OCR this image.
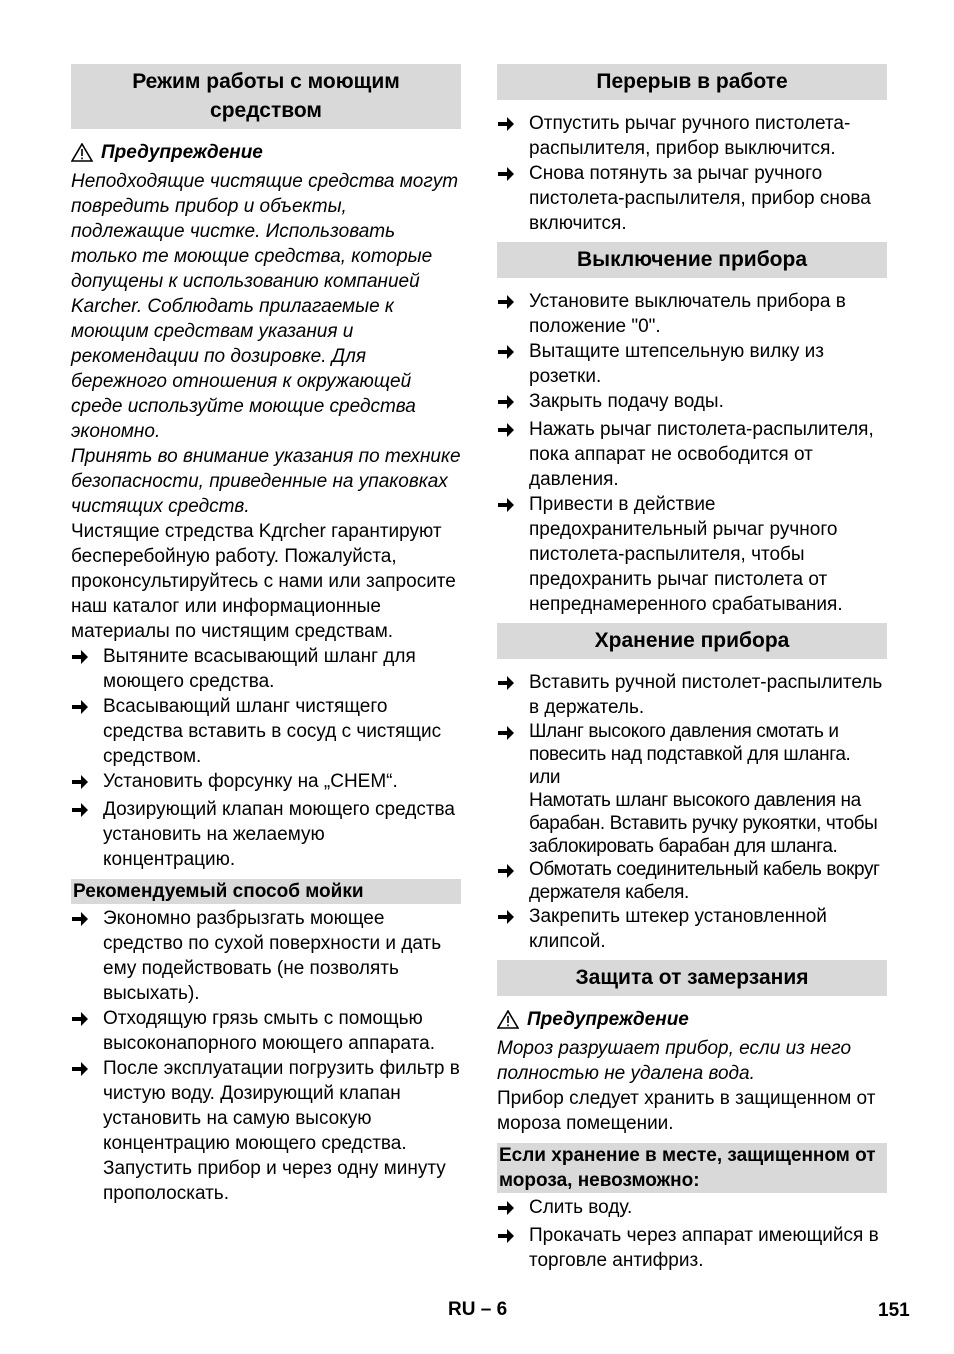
Режим работы с моющим средством
Предупреждение

Неподходящие чистящие средства могут повредить прибор и объекты, подлежащие чистке. Использовать только те моющие средства, которые допущены к использованию компанией Karcher. Соблюдать прилагаемые к моющим средствам указания и рекомендации по дозировке. Для бережного отношения к окружающей среде используйте моющие средства экономно.

Принять во внимание указания по технике безопасности, приведенные на упаковках чистящих средств.

Чистящие стредства Kдrcher гарантируют бесперебойную работу. Пожалуйста, проконсультируйтесь с нами или запросите наш каталог или информационные материалы по чистящим средствам.

Вытяните всасывающий шланг для моющего средства.
Всасывающий шланг чистящего средства вставить в сосуд с чистящис средством.
Установить форсунку на „CHEM“.
Дозирующий клапан моющего средства установить на желаемую концентрацию.
Рекомендуемый способ мойки
Экономно разбрызгать моющее средство по сухой поверхности и дать ему подействовать (не позволять высыхать).
Отходящую грязь смыть с помощью высоконапорного моющего аппарата.
После эксплуатации погрузить фильтр в чистую воду. Дозирующий клапан установить на самую высокую концентрацию моющего средства. Запустить прибор и через одну минуту прополоскать.
Перерыв в работе
Отпустить рычаг ручного пистолета-распылителя, прибор выключится.
Снова потянуть за рычаг ручного пистолета-распылителя, прибор снова включится.
Выключение прибора
Установите выключатель прибора в положение "0".
Вытащите штепсельную вилку из розетки.
Закрыть подачу воды.
Нажать рычаг пистолета-распылителя, пока аппарат не освободится от давления.
Привести в действие предохранительный рычаг ручного пистолета-распылителя, чтобы предохранить рычаг пистолета от непреднамеренного срабатывания.
Хранение прибора
Вставить ручной пистолет-распылитель в держатель.
Шланг высокого давления смотать и повесить над подставкой для шланга.
или
Намотать шланг высокого давления на барабан. Вставить ручку рукоятки, чтобы заблокировать барабан для шланга.
Обмотать соединительный кабель вокруг держателя кабеля.
Закрепить штекер установленной клипсой.
Защита от замерзания
Предупреждение

Мороз разрушает прибор, если из него полностью не удалена вода.

Прибор следует хранить в защищенном от мороза помещении.

Если хранение в месте, защищенном от мороза, невозможно:
Слить воду.
Прокачать через аппарат имеющийся в торговле антифриз.
RU – 6	151
